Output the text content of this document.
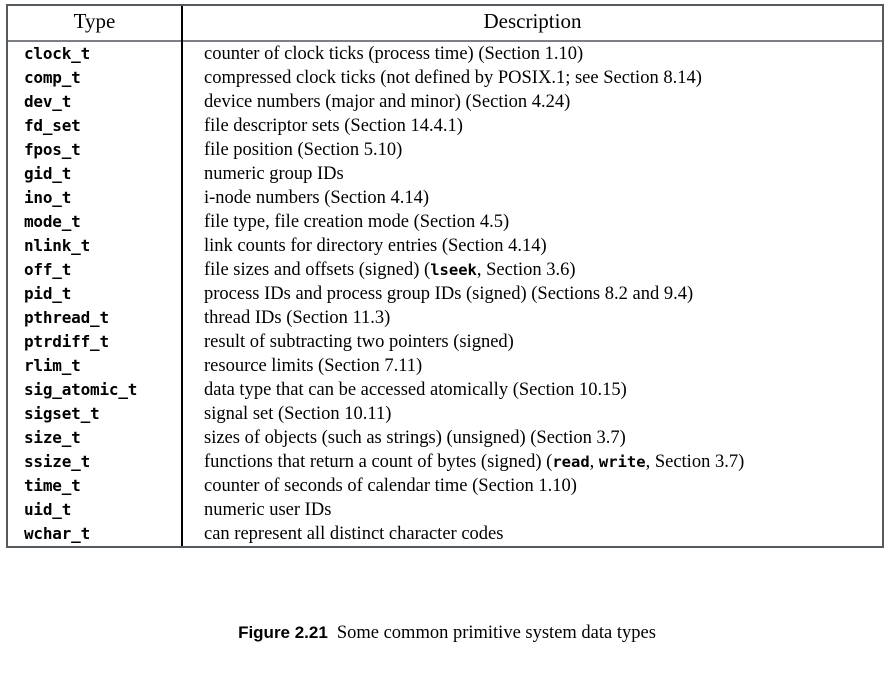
Type	Description
clock_t	counter of clock ticks (process time) (Section 1.10)
comp_t	compressed clock ticks (not defined by POSIX.1; see Section 8.14)
dev_t	device numbers (major and minor) (Section 4.24)
fd_set	file descriptor sets (Section 14.4.1)
fpos_t	file position (Section 5.10)
gid_t	numeric group IDs
ino_t	i-node numbers (Section 4.14)
mode_t	file type, file creation mode (Section 4.5)
nlink_t	link counts for directory entries (Section 4.14)
off_t	file sizes and offsets (signed) (lseek, Section 3.6)
pid_t	process IDs and process group IDs (signed) (Sections 8.2 and 9.4)
pthread_t	thread IDs (Section 11.3)
ptrdiff_t	result of subtracting two pointers (signed)
rlim_t	resource limits (Section 7.11)
sig_atomic_t	data type that can be accessed atomically (Section 10.15)
sigset_t	signal set (Section 10.11)
size_t	sizes of objects (such as strings) (unsigned) (Section 3.7)
ssize_t	functions that return a count of bytes (signed) (read, write, Section 3.7)
time_t	counter of seconds of calendar time (Section 1.10)
uid_t	numeric user IDs
wchar_t	can represent all distinct character codes
Figure 2.21 Some common primitive system data types
